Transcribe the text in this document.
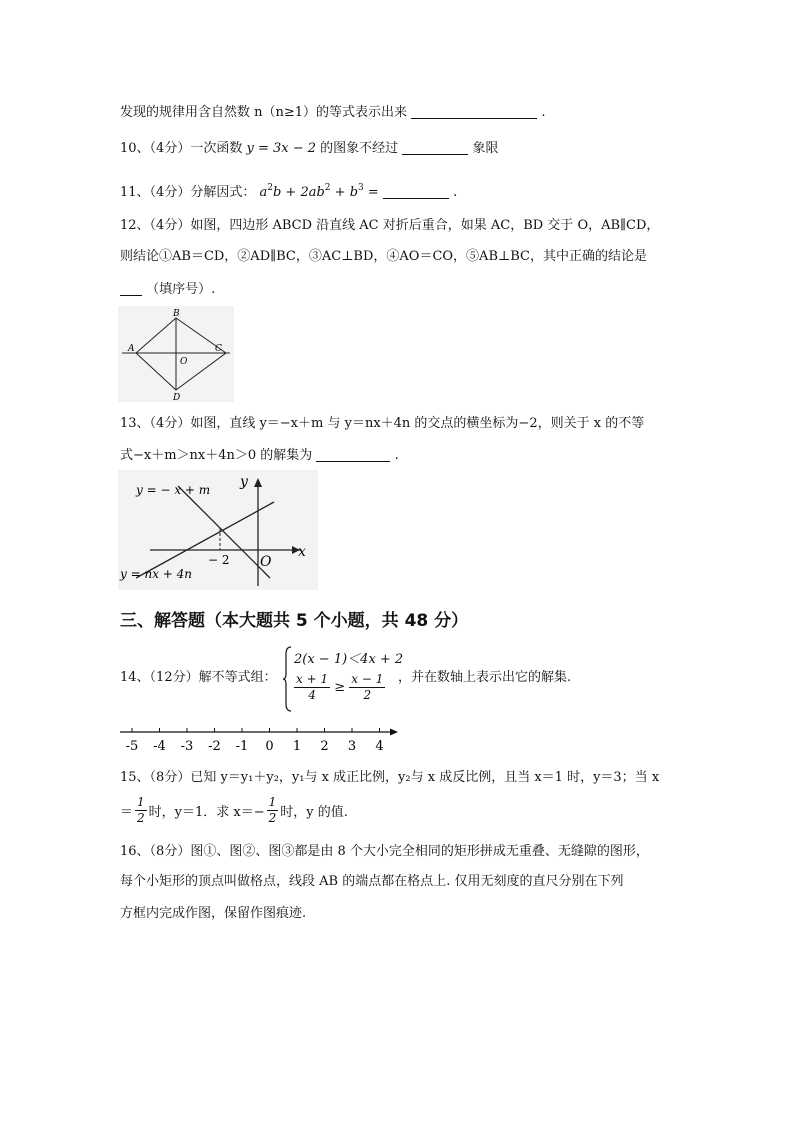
发现的规律用含自然数 n（n≥1）的等式表示出来	.
10、（4分）一次函数 y = 3x − 2 的图象不经过	象限
11、（4分）分解因式： $a^2b + 2ab^2 + b^3$ =	.
12、（4分）如图，四边形 ABCD 沿直线 AC 对折后重合，如果 AC，BD 交于 O，AB∥CD，
则结论①AB＝CD，②AD∥BC，③AC⊥BD，④AO＝CO，⑤AB⊥BC，其中正确的结论是
（填序号）.
B
A	C
O
D
13、（4分）如图，直线 y＝−x＋m 与 y＝nx＋4n 的交点的横坐标为−2，则关于 x 的不等
式−x＋m＞nx＋4n＞0 的解集为	.
y = − x + m
y = nx + 4n
y
x
O
− 2
三、解答题（本大题共 5 个小题，共 48 分）
14、（12分）解不等式组：
2(x − 1)＜4x + 2
$\frac{x + 1}{4} \ge \frac{x - 1}{2}$ ，并在数轴上表示出它的解集.
-5 -4 -3 -2 -1 0 1 2 3 4
15、（8分）已知 y＝y₁＋y₂，y₁与 x 成正比例，y₂与 x 成反比例，且当 x＝1 时，y＝3；当 x
＝ $\frac{1}{2}$ 时，y＝1．求 $x=- \frac{1}{2}$ 时，y 的值.
16、（8分）图①、图②、图③都是由 8 个大小完全相同的矩形拼成无重叠、无缝隙的图形，
每个小矩形的顶点叫做格点，线段 AB 的端点都在格点上. 仅用无刻度的直尺分别在下列
方框内完成作图，保留作图痕迹.
